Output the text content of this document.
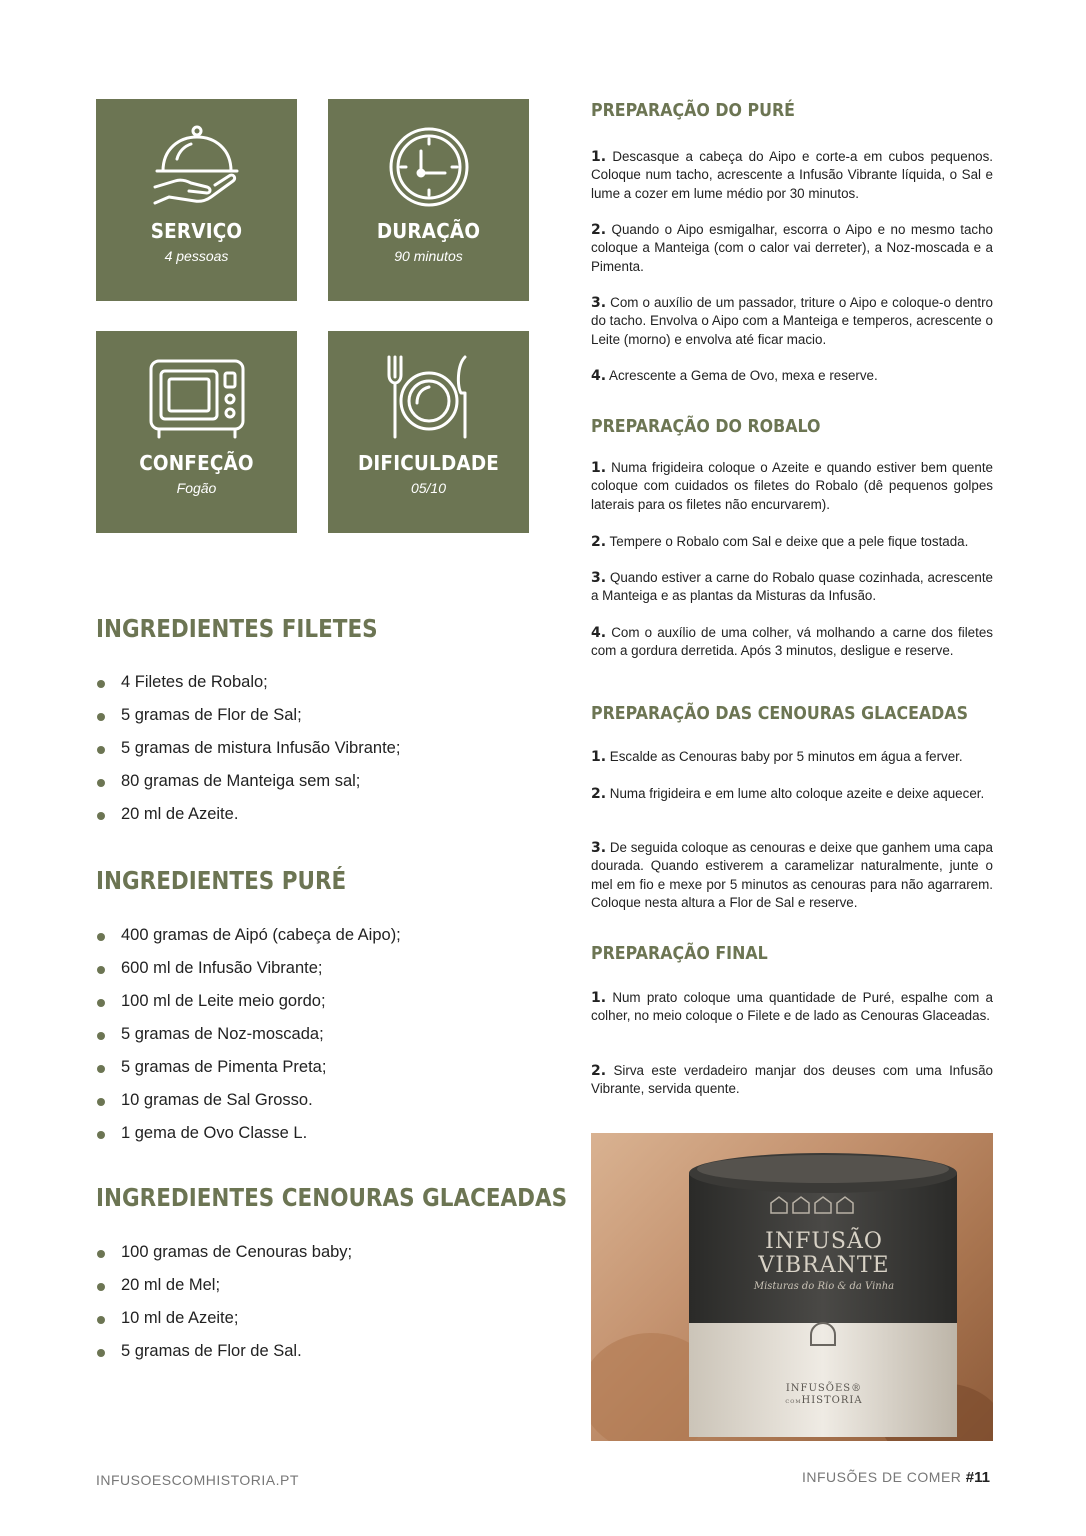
SERVIÇO
4 pessoas
DURAÇÃO
90 minutos
CONFEÇÃO
Fogão
DIFICULDADE
05/10
INGREDIENTES FILETES
4 Filetes de Robalo;
5 gramas de Flor de Sal;
5 gramas de mistura Infusão Vibrante;
80 gramas de Manteiga sem sal;
20 ml de Azeite.
INGREDIENTES PURÉ
400 gramas de Aipó (cabeça de Aipo);
600 ml de Infusão Vibrante;
100 ml de Leite meio gordo;
5 gramas de Noz-moscada;
5 gramas de Pimenta Preta;
10 gramas de Sal Grosso.
1 gema de Ovo Classe L.
INGREDIENTES CENOURAS GLACEADAS
100 gramas de Cenouras baby;
20 ml de Mel;
10 ml de Azeite;
5 gramas de Flor de Sal.
PREPARAÇÃO DO PURÉ

1. Descasque a cabeça do Aipo e corte-a em cubos pequenos. Coloque num tacho, acrescente a Infusão Vibrante líquida, o Sal e lume a cozer em lume médio por 30 minutos.

2. Quando o Aipo esmigalhar, escorra o Aipo e no mesmo tacho coloque a Manteiga (com o calor vai derreter), a Noz-moscada e a Pimenta.

3. Com o auxílio de um passador, triture o Aipo e coloque-o dentro do tacho. Envolva o Aipo com a Manteiga e temperos, acrescente o Leite (morno) e envolva até ficar macio.

4. Acrescente a Gema de Ovo, mexa e reserve.

PREPARAÇÃO DO ROBALO

1. Numa frigideira coloque o Azeite e quando estiver bem quente coloque com cuidados os filetes do Robalo (dê pequenos golpes laterais para os filetes não encurvarem).

2. Tempere o Robalo com Sal e deixe que a pele fique tostada.

3. Quando estiver a carne do Robalo quase cozinhada, acrescente a Manteiga e as plantas da Misturas da Infusão.

4. Com o auxílio de uma colher, vá molhando a carne dos filetes com a gordura derretida. Após 3 minutos, desligue e reserve.

PREPARAÇÃO DAS CENOURAS GLACEADAS

1. Escalde as Cenouras baby por 5 minutos em água a ferver.

2. Numa frigideira e em lume alto coloque azeite e deixe aquecer.

3. De seguida coloque as cenouras e deixe que ganhem uma capa dourada. Quando estiverem a caramelizar naturalmente, junte o mel em fio e mexe por 5 minutos as cenouras para não agarrarem. Coloque nesta altura a Flor de Sal e reserve.

PREPARAÇÃO FINAL

1. Num prato coloque uma quantidade de Puré, espalhe com a colher, no meio coloque o Filete e de lado as Cenouras Glaceadas.

2. Sirva este verdadeiro manjar dos deuses com uma Infusão Vibrante, servida quente.

INFUSÃO
VIBRANTE
Misturas do Rio & da Vinha
INFUSÕES®
COMHISTORIA
INFUSOESCOMHISTORIA.PT	INFUSÕES DE COMER #11
